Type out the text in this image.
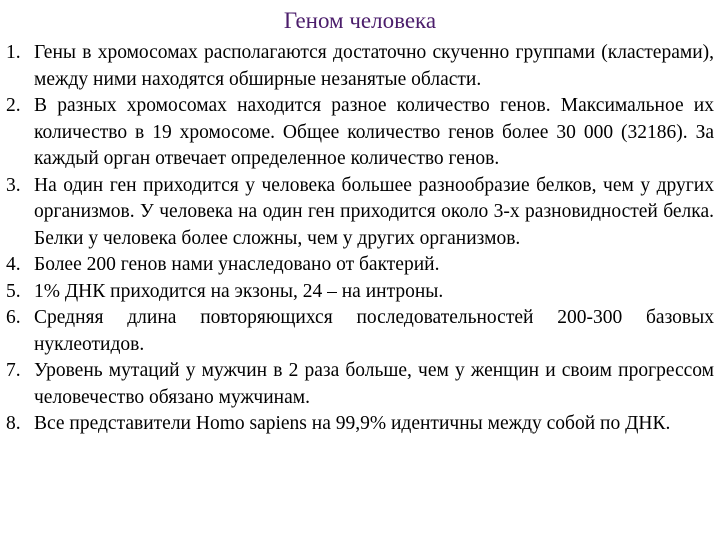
Геном человека
1. Гены в хромосомах располагаются достаточно скученно группами (кластерами), между ними находятся обширные незанятые области.
2. В разных хромосомах находится разное количество генов. Максимальное их количество в 19 хромосоме. Общее количество генов более 30 000 (32186). За каждый орган отвечает определенное количество генов.
3. На один ген приходится у человека большее разнообразие белков, чем у других организмов. У человека на один ген приходится около 3-х разновидностей белка. Белки у человека более сложны, чем у других организмов.
4. Более 200 генов нами унаследовано от бактерий.
5. 1% ДНК приходится на экзоны, 24 – на интроны.
6. Средняя длина повторяющихся последовательностей 200-300 базовых нуклеотидов.
7. Уровень мутаций у мужчин в 2 раза больше, чем у женщин и своим прогрессом человечество обязано мужчинам.
8. Все представители Homo sapiens на 99,9% идентичны между собой по ДНК.
